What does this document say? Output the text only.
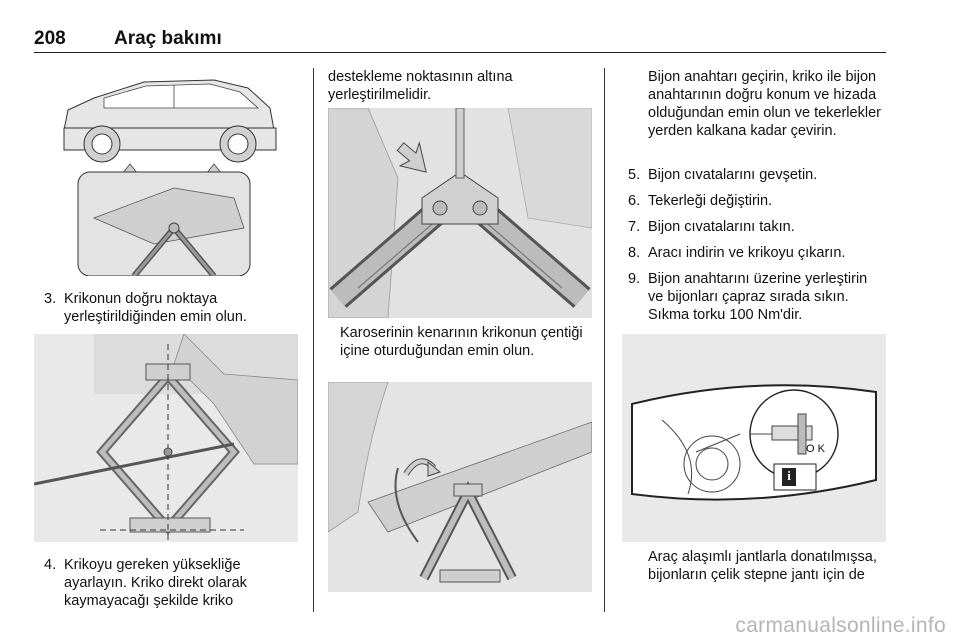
208	Araç bakımı
3. Krikonun doğru noktaya yerleştirildiğinden emin olun.
4. Krikoyu gereken yüksekliğe ayarlayın. Kriko direkt olarak kaymayacağı şekilde kriko
destekleme noktasının altına yerleştirilmelidir.
Karoserinin kenarının krikonun çentiği içine oturduğundan emin olun.
Bijon anahtarı geçirin, kriko ile bijon anahtarının doğru konum ve hizada olduğundan emin olun ve tekerlekler yerden kalkana kadar çevirin.
5. Bijon cıvatalarını gevşetin.
6. Tekerleği değiştirin.
7. Bijon cıvatalarını takın.
8. Aracı indirin ve krikoyu çıkarın.
9. Bijon anahtarını üzerine yerleştirin ve bijonları çapraz sırada sıkın. Sıkma torku 100 Nm'dir.
O K
i
Araç alaşımlı jantlarla donatılmışsa, bijonların çelik stepne jantı için de
carmanualsonline.info
